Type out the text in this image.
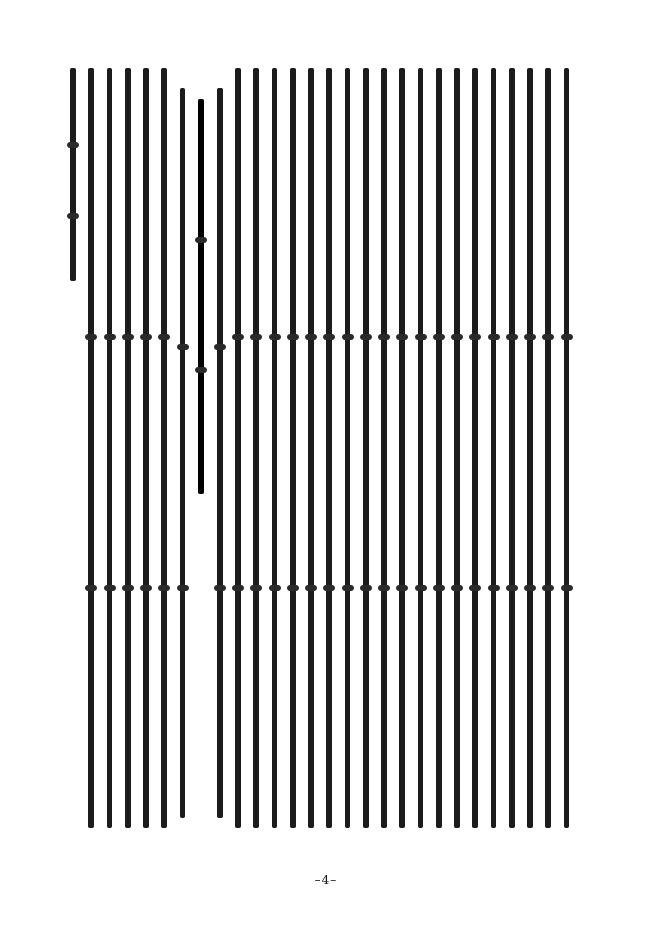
–4–
